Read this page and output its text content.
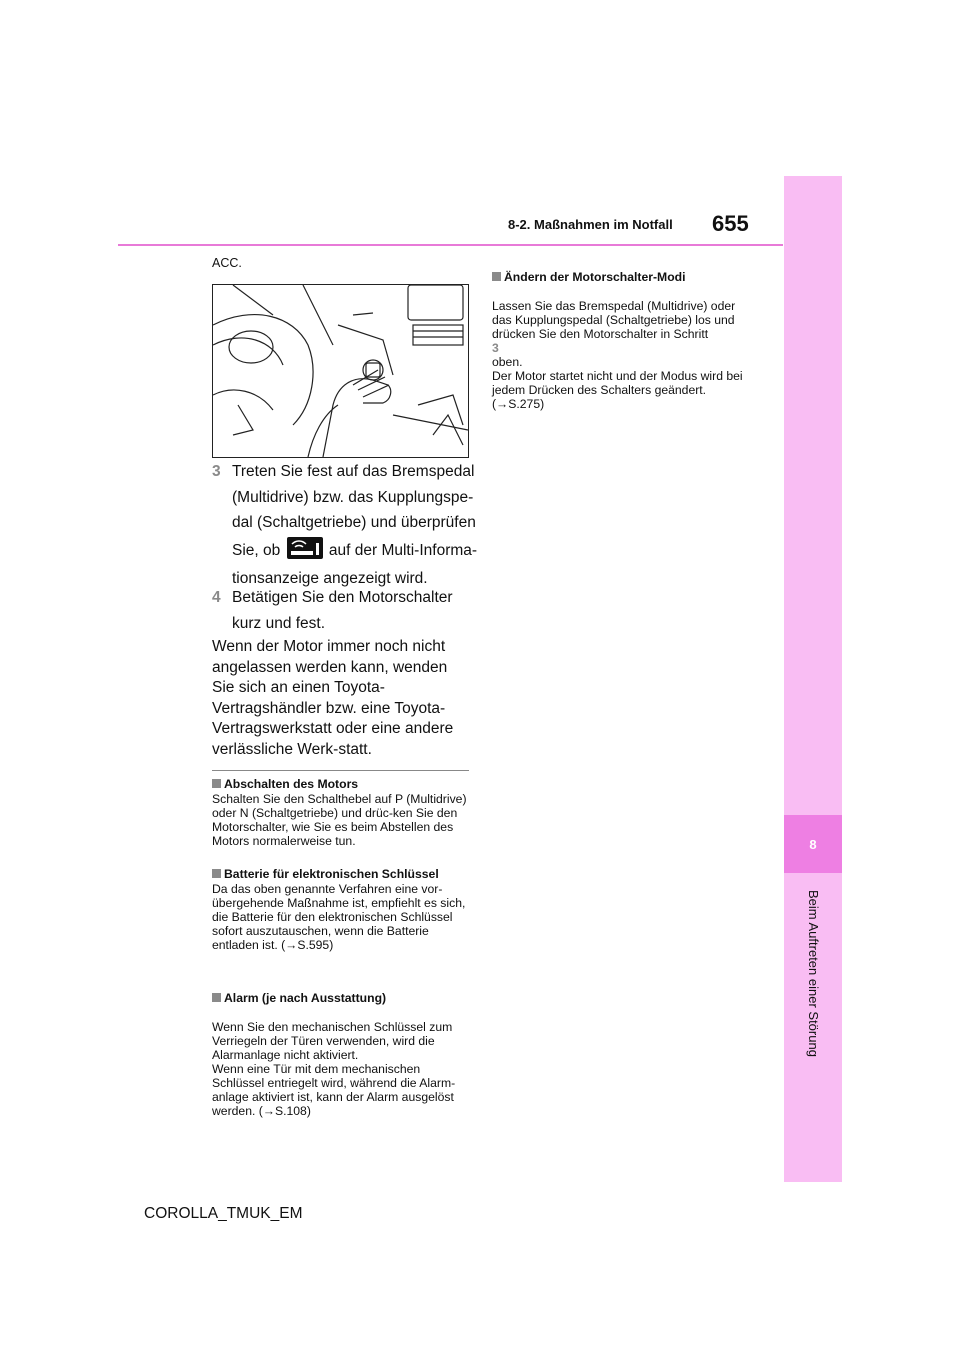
8-2. Maßnahmen im Notfall 655
8
Beim Auftreten einer Störung
ACC.
3 Treten Sie fest auf das Bremspedal
(Multidrive) bzw. das Kupplungspe-
dal (Schaltgetriebe) und überprüfen
Sie, ob	auf der Multi-Informa-
tionsanzeige angezeigt wird.
4 Betätigen Sie den Motorschalter
kurz und fest.
Wenn der Motor immer noch nicht angelassen werden kann, wenden Sie sich an einen Toyota-Vertragshändler bzw. eine Toyota-Vertragswerkstatt oder eine andere verlässliche Werk-statt.
Abschalten des Motors
Schalten Sie den Schalthebel auf P (Multidrive) oder N (Schaltgetriebe) und drüc-ken Sie den Motorschalter, wie Sie es beim Abstellen des Motors normalerweise tun.
Batterie für elektronischen Schlüssel
Da das oben genannte Verfahren eine vor-übergehende Maßnahme ist, empfiehlt es sich, die Batterie für den elektronischen Schlüssel sofort auszutauschen, wenn die Batterie entladen ist. (→S.595)

Alarm (je nach Ausstattung)

Wenn Sie den mechanischen Schlüssel zum Verriegeln der Türen verwenden, wird die Alarmanlage nicht aktiviert.
Wenn eine Tür mit dem mechanischen Schlüssel entriegelt wird, während die Alarm-anlage aktiviert ist, kann der Alarm ausgelöst werden. (→S.108)

Ändern der Motorschalter-Modi

Lassen Sie das Bremspedal (Multidrive) oder das Kupplungspedal (Schaltgetriebe) los und drücken Sie den Motorschalter in Schritt
3
oben.
Der Motor startet nicht und der Modus wird bei jedem Drücken des Schalters geändert. (→S.275)

COROLLA_TMUK_EM
